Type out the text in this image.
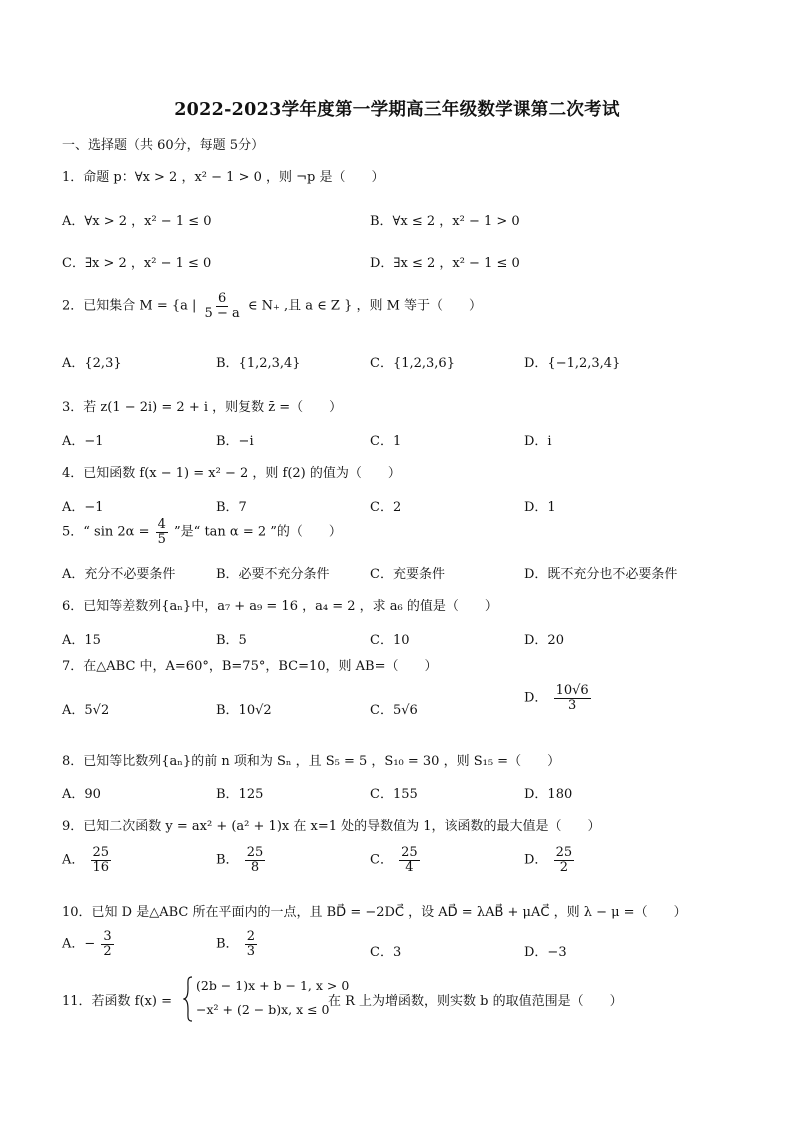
2022-2023学年度第一学期高三年级数学课第二次考试
一、选择题（共 60分，每题 5分）
1．命题 p：∀x > 2 ，x² − 1 > 0 ，则 ¬p 是（　　）
A．∀x > 2 ，x² − 1 ≤ 0	B．∀x ≤ 2 ，x² − 1 > 0
C．∃x > 2 ，x² − 1 ≤ 0	D．∃x ≤ 2 ，x² − 1 ≤ 0
2．已知集合 M = {a | $\frac{6}{5 - a}$ ∈ N₊ ,且 a ∈ Z } ，则 M 等于（　　）
A．{2,3}	B．{1,2,3,4}	C．{1,2,3,6}	D．{−1,2,3,4}
3．若 z(1 − 2i) = 2 + i ，则复数 z̄ =（　　）
A．−1	B．−i	C．1	D．i
4．已知函数 f(x − 1) = x² − 2 ，则 f(2) 的值为（　　）
A．−1	B．7	C．2	D．1
5．“ $\sin 2\alpha = \frac{4}{5}$ ”是“ tan α = 2 ”的（　　）
A．充分不必要条件	B．必要不充分条件	C．充要条件	D．既不充分也不必要条件
6．已知等差数列{aₙ}中，a₇ + a₉ = 16 ，a₄ = 2 ，求 a₆ 的值是（　　）
A．15	B．5	C．10	D．20
7．在△ABC 中，A=60°，B=75°，BC=10，则 AB=（　　）
A．5√2	B．10√2	C．5√6
D． $\frac{10√6}{3}$
8．已知等比数列{aₙ}的前 n 项和为 Sₙ ，且 S₅ = 5 ，S₁₀ = 30 ，则 S₁₅ =（　　）
A．90	B．125	C．155	D．180
9．已知二次函数 y = ax² + (a² + 1)x 在 x=1 处的导数值为 1，该函数的最大值是（　　）
A． $\frac{25}{16}$	B． $\frac{25}{8}$	C． $\frac{25}{4}$	D． $\frac{25}{2}$
10．已知 D 是△ABC 所在平面内的一点，且 BD⃗ = −2DC⃗ ，设 AD⃗ = λAB⃗ + μAC⃗ ，则 λ − μ =（　　）
A．− $\frac{3}{2}$	B． $\frac{2}{3}$	C．3	D．−3
11．若函数 f(x) =
(2b − 1)x + b − 1, x > 0
−x² + (2 − b)x, x ≤ 0
在 R 上为增函数，则实数 b 的取值范围是（　　）
